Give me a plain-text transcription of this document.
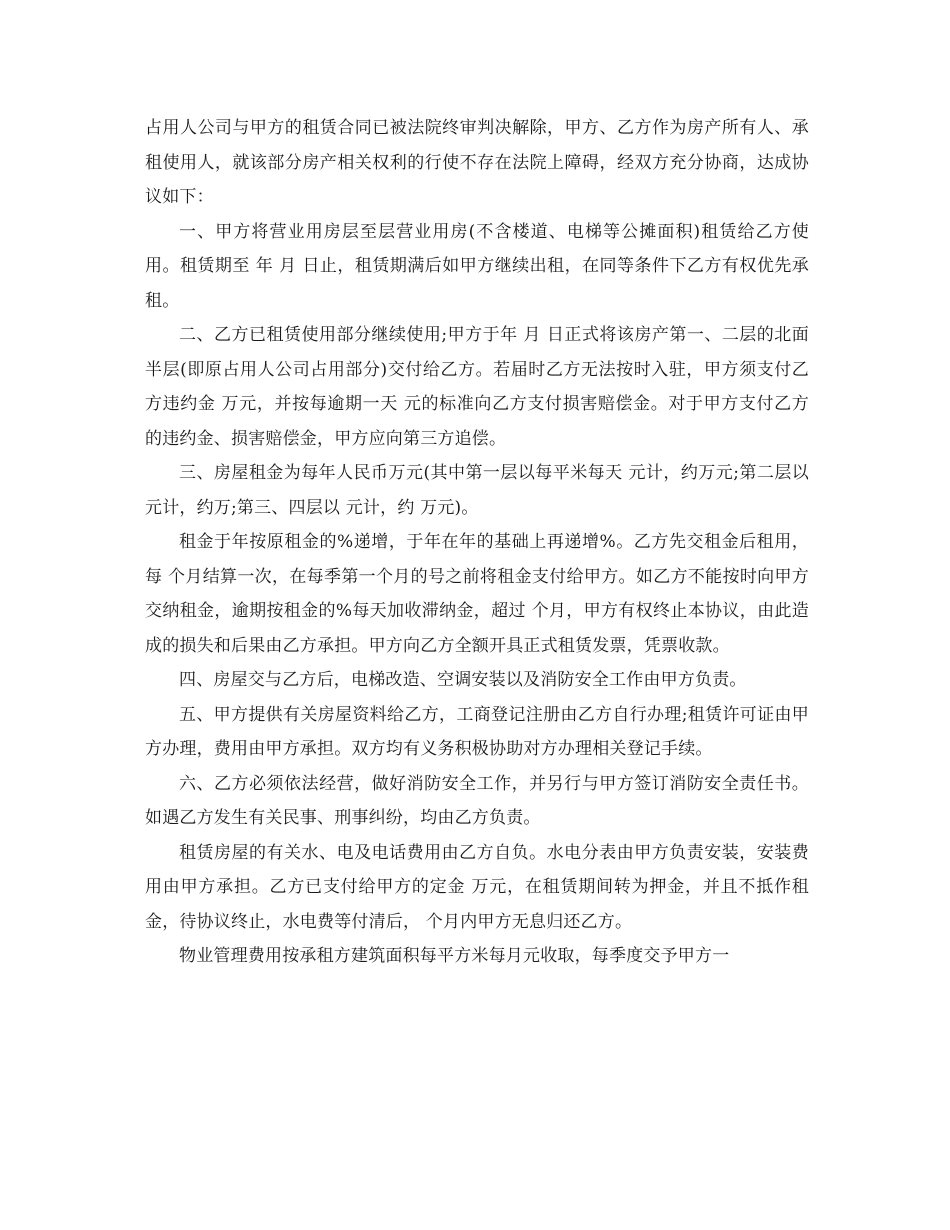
占用人公司与甲方的租赁合同已被法院终审判决解除，甲方、乙方作为房产所有人、承租使用人，就该部分房产相关权利的行使不存在法院上障碍，经双方充分协商，达成协议如下：

一、甲方将营业用房层至层营业用房(不含楼道、电梯等公摊面积)租赁给乙方使用。租赁期至 年 月 日止，租赁期满后如甲方继续出租，在同等条件下乙方有权优先承租。

二、乙方已租赁使用部分继续使用;甲方于年 月 日正式将该房产第一、二层的北面半层(即原占用人公司占用部分)交付给乙方。若届时乙方无法按时入驻，甲方须支付乙方违约金 万元，并按每逾期一天 元的标准向乙方支付损害赔偿金。对于甲方支付乙方的违约金、损害赔偿金，甲方应向第三方追偿。

三、房屋租金为每年人民币万元(其中第一层以每平米每天 元计，约万元;第二层以元计，约万;第三、四层以 元计，约 万元)。

租金于年按原租金的%递增，于年在年的基础上再递增%。乙方先交租金后租用，每 个月结算一次，在每季第一个月的号之前将租金支付给甲方。如乙方不能按时向甲方交纳租金，逾期按租金的%每天加收滞纳金，超过 个月，甲方有权终止本协议，由此造成的损失和后果由乙方承担。甲方向乙方全额开具正式租赁发票，凭票收款。

四、房屋交与乙方后，电梯改造、空调安装以及消防安全工作由甲方负责。

五、甲方提供有关房屋资料给乙方，工商登记注册由乙方自行办理;租赁许可证由甲方办理，费用由甲方承担。双方均有义务积极协助对方办理相关登记手续。

六、乙方必须依法经营，做好消防安全工作，并另行与甲方签订消防安全责任书。如遇乙方发生有关民事、刑事纠纷，均由乙方负责。

租赁房屋的有关水、电及电话费用由乙方自负。水电分表由甲方负责安装，安装费用由甲方承担。乙方已支付给甲方的定金 万元，在租赁期间转为押金，并且不抵作租金，待协议终止，水电费等付清后， 个月内甲方无息归还乙方。

物业管理费用按承租方建筑面积每平方米每月元收取，每季度交予甲方一
